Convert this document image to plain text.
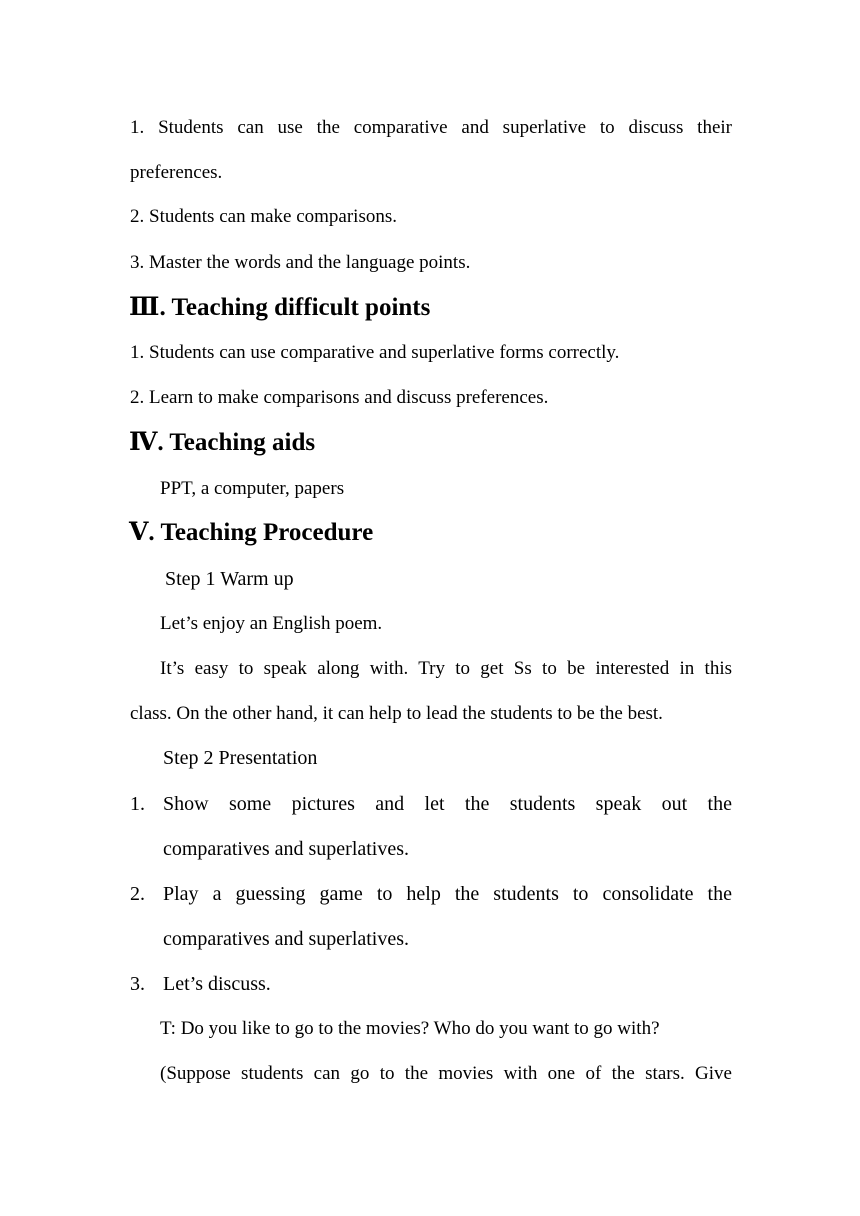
1. Students can use the comparative and superlative to discuss their
preferences.
2. Students can make comparisons.
3. Master the words and the language points.
Ⅲ. Teaching difficult points
1. Students can use comparative and superlative forms correctly.
2. Learn to make comparisons and discuss preferences.
Ⅳ. Teaching aids
PPT, a computer, papers
Ⅴ. Teaching Procedure
Step 1 Warm up
Let’s enjoy an English poem.
It’s easy to speak along with. Try to get Ss to be interested in this
class. On the other hand, it can help to lead the students to be the best.
Step 2 Presentation
1. Show some pictures and let the students speak out the
comparatives and superlatives.
2. Play a guessing game to help the students to consolidate the
comparatives and superlatives.
3. Let’s discuss.
T: Do you like to go to the movies? Who do you want to go with?
(Suppose students can go to the movies with one of the stars. Give
